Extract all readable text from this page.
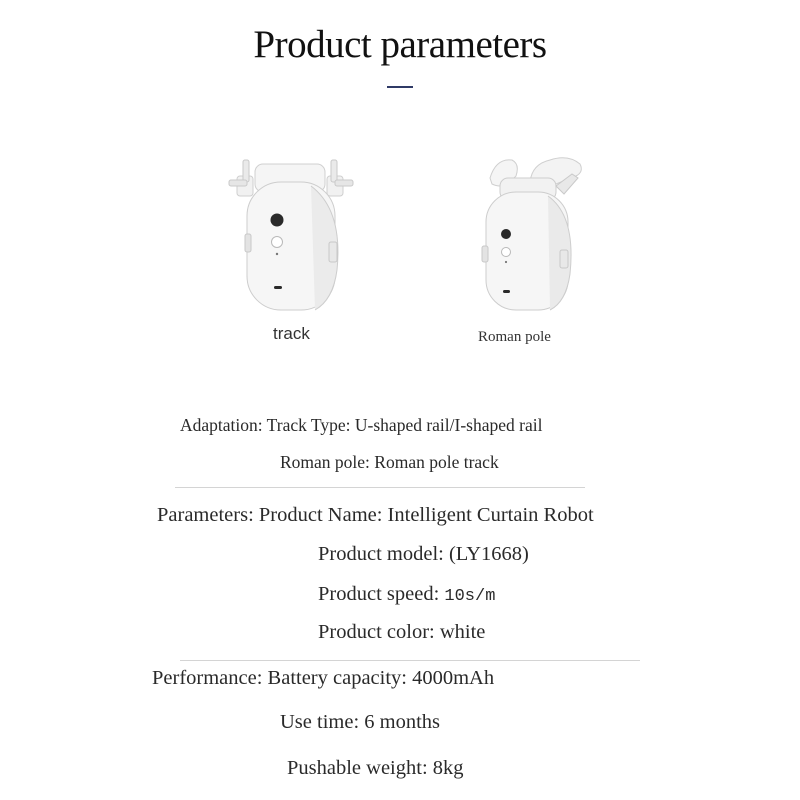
Product parameters
track	Roman pole
Adaptation: Track Type: U-shaped rail/I-shaped rail
Roman pole: Roman pole track
Parameters: Product Name: Intelligent Curtain Robot
Product model: (LY1668)
Product speed: 10s/m
Product color: white
Performance: Battery capacity: 4000mAh
Use time: 6 months
Pushable weight: 8kg
